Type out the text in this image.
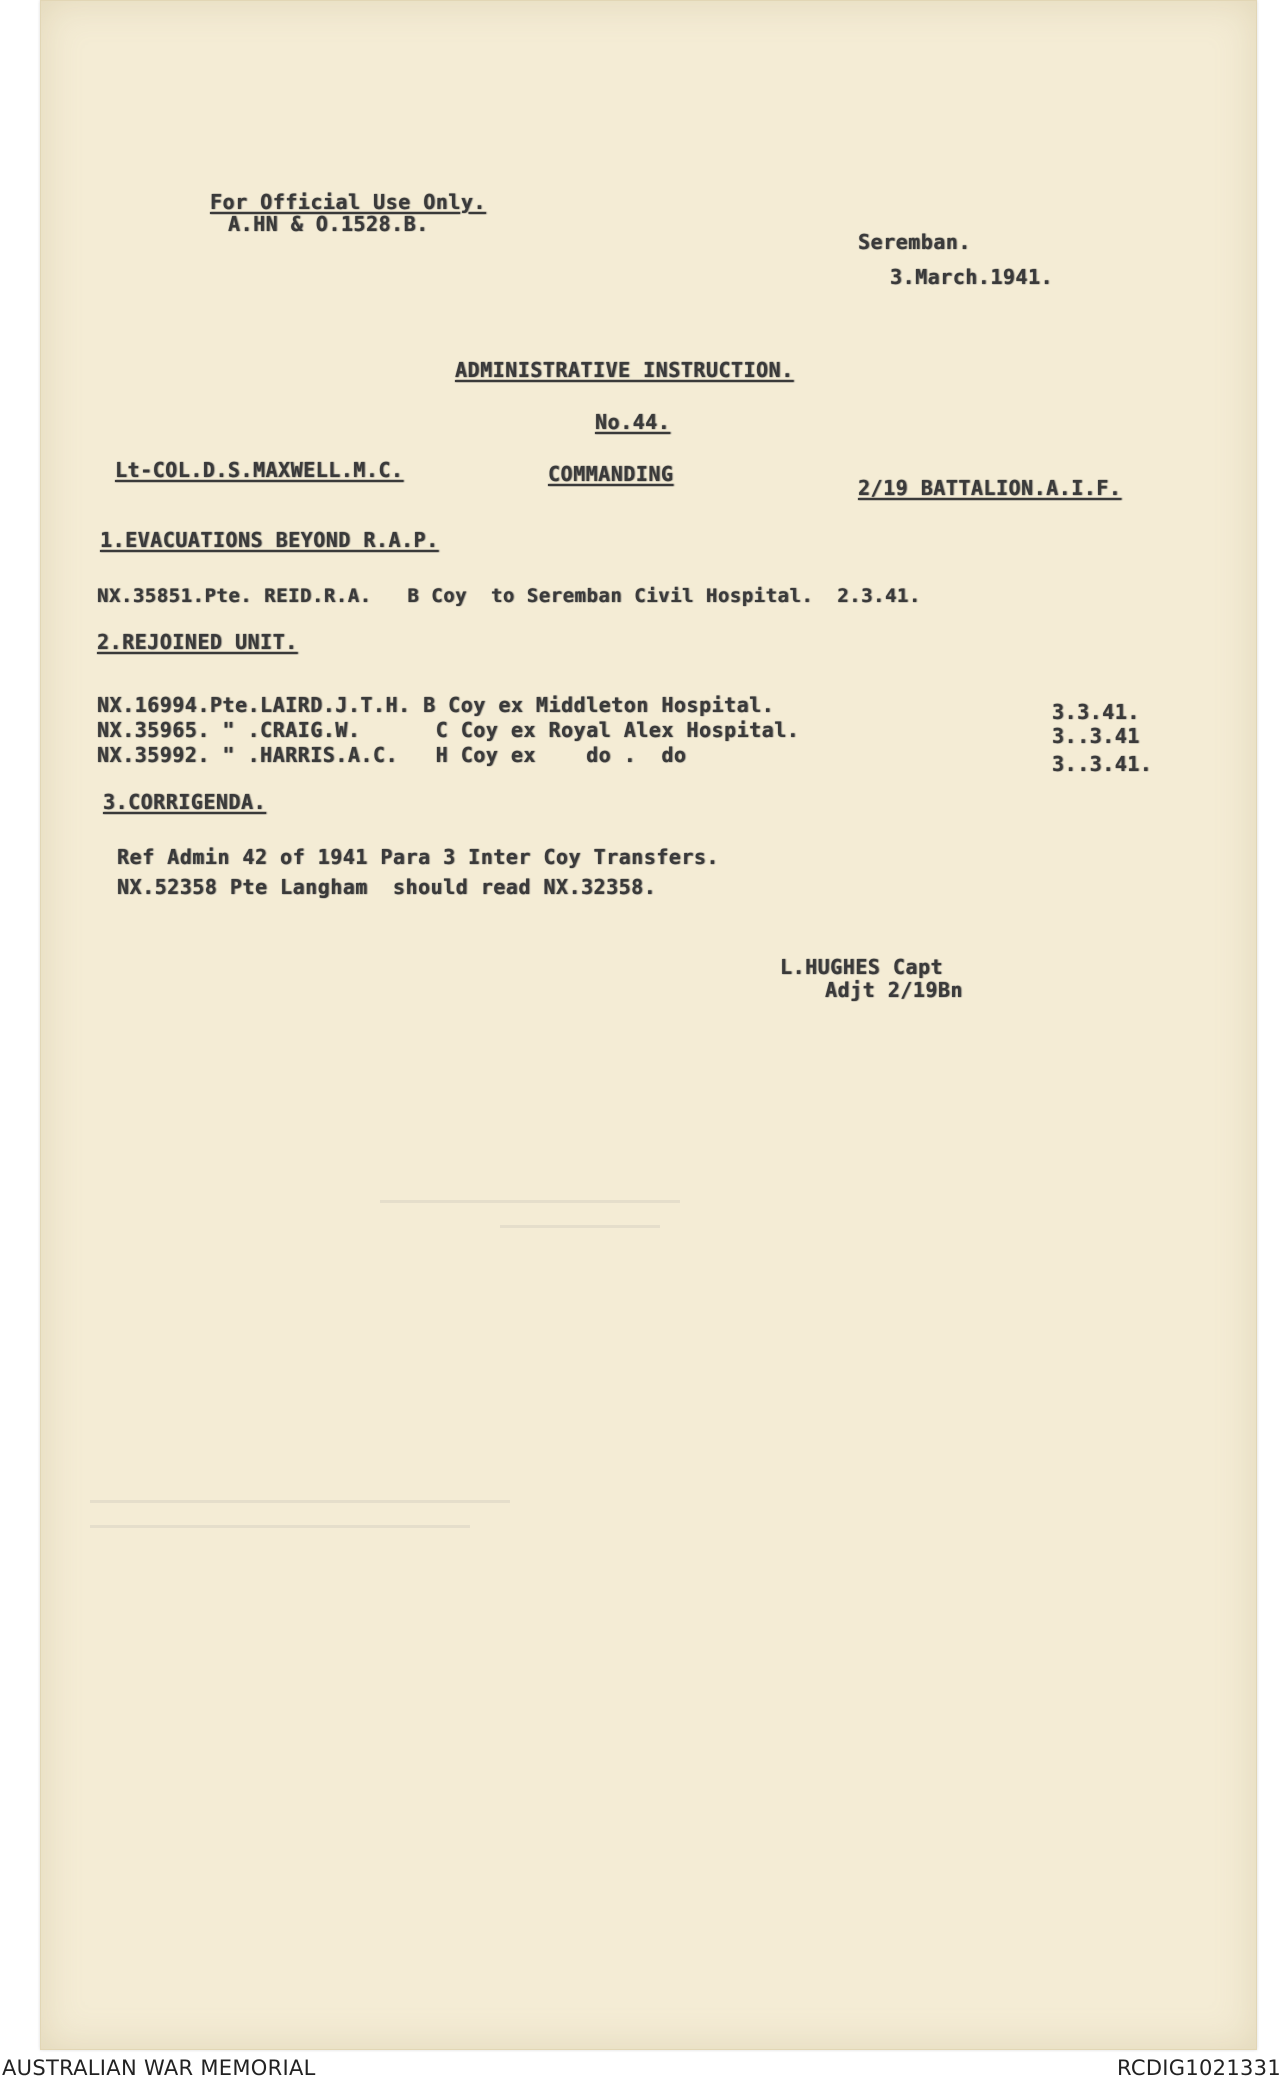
For Official Use Only.
A.HN & O.1528.B.
Seremban.
3.March.1941.
ADMINISTRATIVE INSTRUCTION.
No.44.
Lt-COL.D.S.MAXWELL.M.C.	COMMANDING
2/19 BATTALION.A.I.F.
1.EVACUATIONS BEYOND R.A.P.
NX.35851.Pte. REID.R.A.   B Coy  to Seremban Civil Hospital.  2.3.41.
2.REJOINED UNIT.
NX.16994.Pte.LAIRD.J.T.H. B Coy ex Middleton Hospital.	3.3.41.
NX.35965. " .CRAIG.W.      C Coy ex Royal Alex Hospital.	3..3.41
NX.35992. " .HARRIS.A.C.   H Coy ex    do .  do	3..3.41.
3.CORRIGENDA.
Ref Admin 42 of 1941 Para 3 Inter Coy Transfers.
NX.52358 Pte Langham  should read NX.32358.
L.HUGHES Capt
Adjt 2/19Bn
AUSTRALIAN WAR MEMORIAL	RCDIG1021331
